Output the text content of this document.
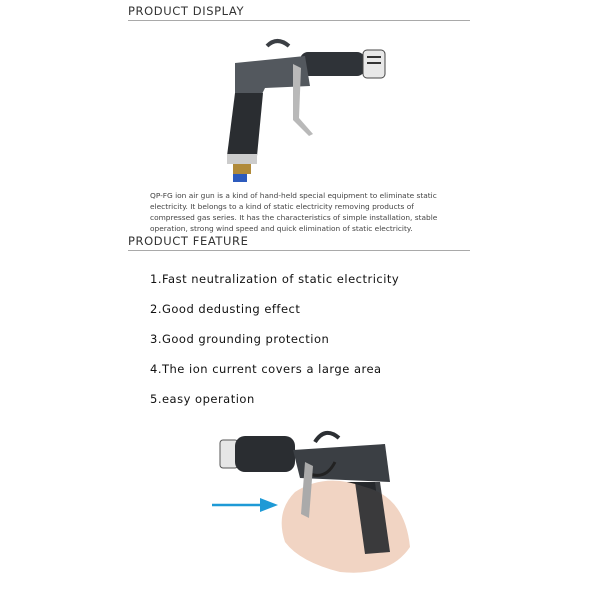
PRODUCT DISPLAY
QP-FG ion air gun is a kind of hand-held special equipment to eliminate static electricity. It belongs to a kind of static electricity removing products of compressed gas series. It has the characteristics of simple installation, stable operation, strong wind speed and quick elimination of static electricity.
PRODUCT FEATURE
1.Fast neutralization of static electricity
2.Good dedusting effect
3.Good grounding protection
4.The ion current covers a large area
5.easy operation
